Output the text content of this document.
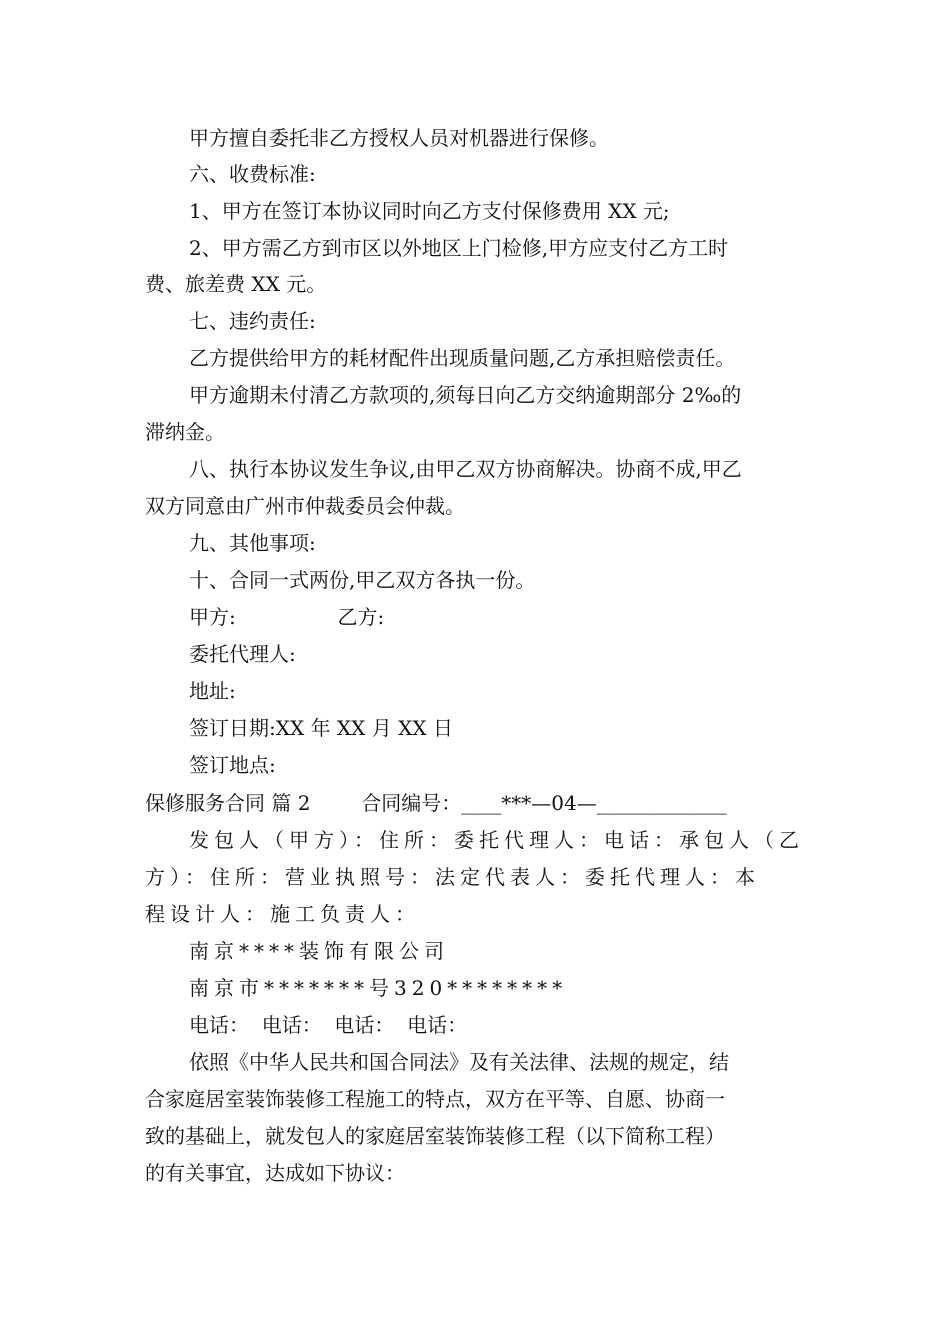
甲方擅自委托非乙方授权人员对机器进行保修。
六、收费标准:
1、甲方在签订本协议同时向乙方支付保修费用 XX 元;
2、甲方需乙方到市区以外地区上门检修,甲方应支付乙方工时
费、旅差费 XX 元。
七、违约责任:
乙方提供给甲方的耗材配件出现质量问题,乙方承担赔偿责任。
甲方逾期未付清乙方款项的,须每日向乙方交纳逾期部分 2‰的
滞纳金。
八、执行本协议发生争议,由甲乙双方协商解决。协商不成,甲乙
双方同意由广州市仲裁委员会仲裁。
九、其他事项:
十、合同一式两份,甲乙双方各执一份。
甲方:                乙方:
委托代理人:
地址:
签订日期:XX 年 XX 月 XX 日
签订地点:
保修服务合同 篇 2        合同编号：____***—04—_____________
发包人（甲方）：住所：委托代理人：电话：承包人（乙
方）：住所：营业执照号：法定代表人：委托代理人：本
程设计人：施工负责人：
南京****装饰有限公司
南京市*******号320********
电话：  电话：  电话：  电话：
依照《中华人民共和国合同法》及有关法律、法规的规定，结
合家庭居室装饰装修工程施工的特点，双方在平等、自愿、协商一
致的基础上，就发包人的家庭居室装饰装修工程（以下简称工程）
的有关事宜，达成如下协议：
